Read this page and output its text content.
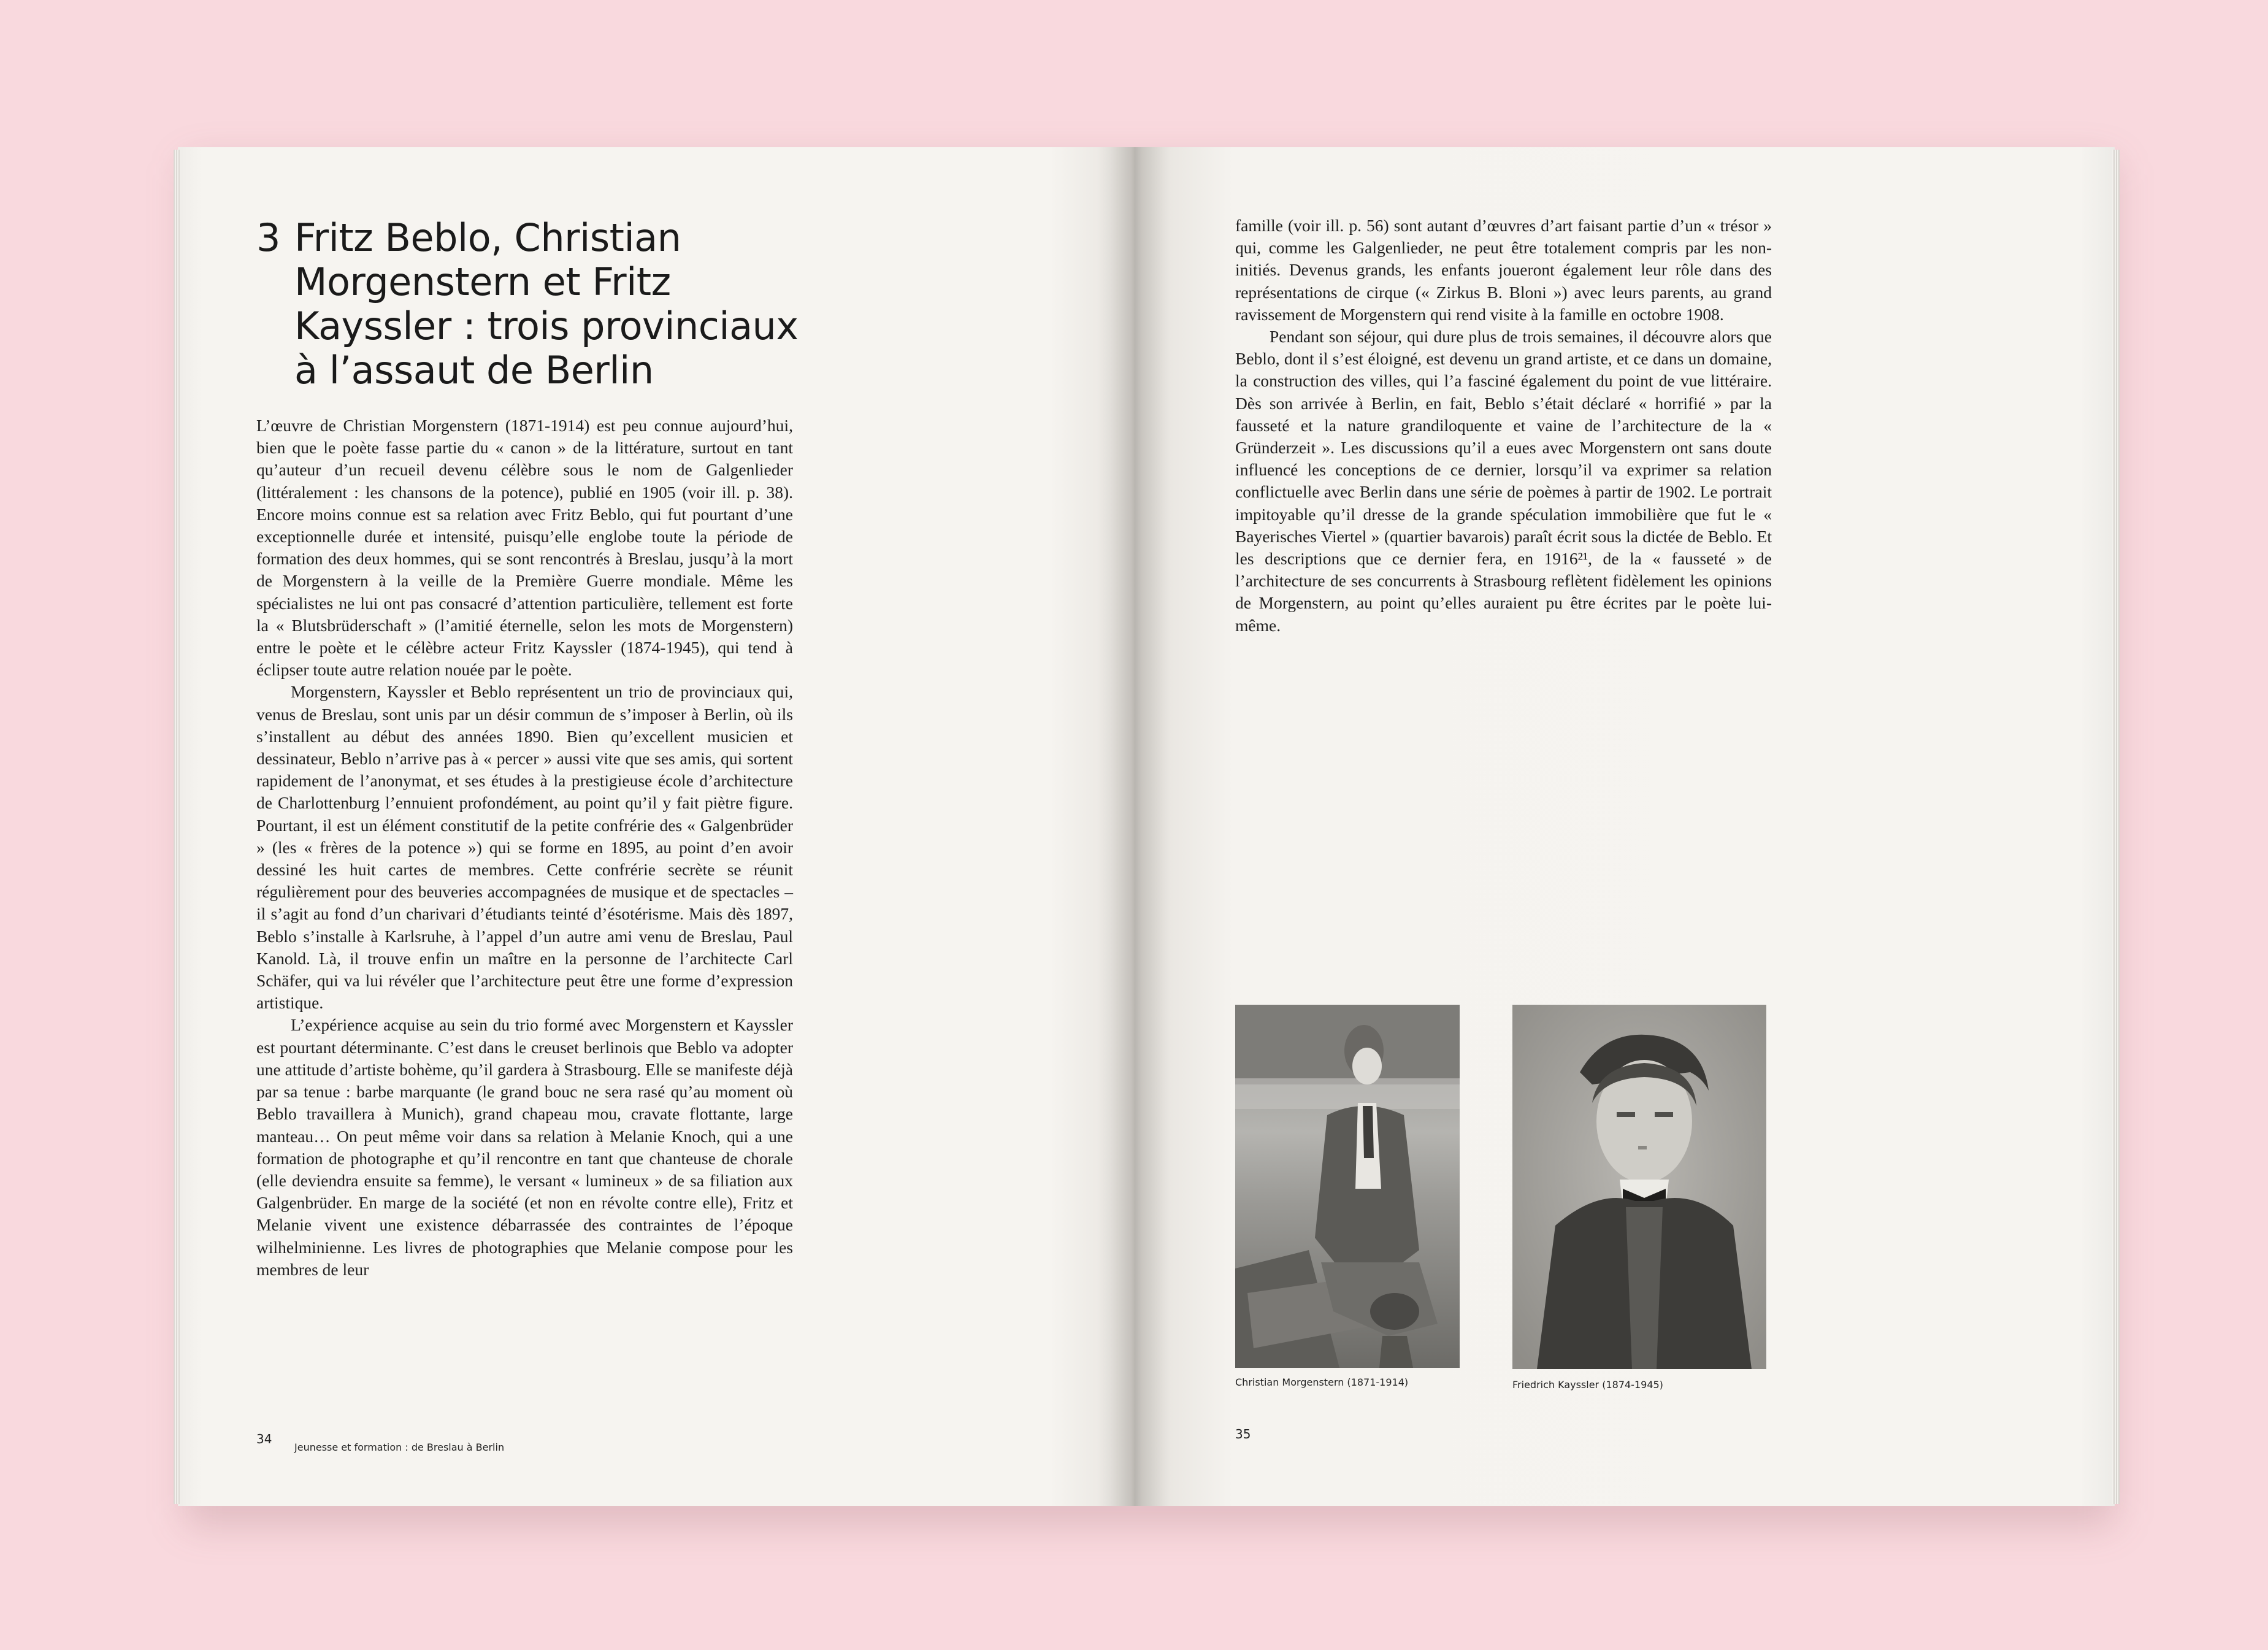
3 Fritz Beblo, Christian Morgenstern et Fritz Kayssler : trois provinciaux à l’assaut de Berlin

L’œuvre de Christian Morgenstern (1871-1914) est peu connue aujourd’hui, bien que le poète fasse partie du « canon » de la littérature, surtout en tant qu’auteur d’un recueil devenu célèbre sous le nom de Galgenlieder (littéralement : les chansons de la potence), publié en 1905 (voir ill. p. 38). Encore moins connue est sa relation avec Fritz Beblo, qui fut pourtant d’une exceptionnelle durée et intensité, puisqu’elle englobe toute la période de formation des deux hommes, qui se sont rencontrés à Breslau, jusqu’à la mort de Morgenstern à la veille de la Première Guerre mondiale. Même les spécialistes ne lui ont pas consacré d’attention particulière, tellement est forte la « Blutsbrüderschaft » (l’amitié éternelle, selon les mots de Morgenstern) entre le poète et le célèbre acteur Fritz Kayssler (1874-1945), qui tend à éclipser toute autre relation nouée par le poète.

Morgenstern, Kayssler et Beblo représentent un trio de provinciaux qui, venus de Breslau, sont unis par un désir commun de s’imposer à Berlin, où ils s’installent au début des années 1890. Bien qu’excellent musicien et dessinateur, Beblo n’arrive pas à « percer » aussi vite que ses amis, qui sortent rapidement de l’anonymat, et ses études à la prestigieuse école d’architecture de Charlottenburg l’ennuient profondément, au point qu’il y fait piètre figure. Pourtant, il est un élément constitutif de la petite confrérie des « Galgenbrüder » (les « frères de la potence ») qui se forme en 1895, au point d’en avoir dessiné les huit cartes de membres. Cette confrérie secrète se réunit régulièrement pour des beuveries accompagnées de musique et de spectacles – il s’agit au fond d’un charivari d’étudiants teinté d’ésotérisme. Mais dès 1897, Beblo s’installe à Karlsruhe, à l’appel d’un autre ami venu de Breslau, Paul Kanold. Là, il trouve enfin un maître en la personne de l’architecte Carl Schäfer, qui va lui révéler que l’architecture peut être une forme d’expression artistique.

L’expérience acquise au sein du trio formé avec Morgenstern et Kayssler est pourtant déterminante. C’est dans le creuset berlinois que Beblo va adopter une attitude d’artiste bohème, qu’il gardera à Strasbourg. Elle se manifeste déjà par sa tenue : barbe marquante (le grand bouc ne sera rasé qu’au moment où Beblo travaillera à Munich), grand chapeau mou, cravate flottante, large manteau… On peut même voir dans sa relation à Melanie Knoch, qui a une formation de photographe et qu’il rencontre en tant que chanteuse de chorale (elle deviendra ensuite sa femme), le versant « lumineux » de sa filiation aux Galgenbrüder. En marge de la société (et non en révolte contre elle), Fritz et Melanie vivent une existence débarrassée des contraintes de l’époque wilhelminienne. Les livres de photographies que Melanie compose pour les membres de leur

34
Jeunesse et formation : de Breslau à Berlin

famille (voir ill. p. 56) sont autant d’œuvres d’art faisant partie d’un « trésor » qui, comme les Galgenlieder, ne peut être totalement compris par les non-initiés. Devenus grands, les enfants joueront également leur rôle dans des représentations de cirque (« Zirkus B. Bloni ») avec leurs parents, au grand ravissement de Morgenstern qui rend visite à la famille en octobre 1908.

Pendant son séjour, qui dure plus de trois semaines, il découvre alors que Beblo, dont il s’est éloigné, est devenu un grand artiste, et ce dans un domaine, la construction des villes, qui l’a fasciné également du point de vue littéraire. Dès son arrivée à Berlin, en fait, Beblo s’était déclaré « horrifié » par la fausseté et la nature grandiloquente et vaine de l’architecture de la « Gründerzeit ». Les discussions qu’il a eues avec Morgenstern ont sans doute influencé les conceptions de ce dernier, lorsqu’il va exprimer sa relation conflictuelle avec Berlin dans une série de poèmes à partir de 1902. Le portrait impitoyable qu’il dresse de la grande spéculation immobilière que fut le « Bayerisches Viertel » (quartier bavarois) paraît écrit sous la dictée de Beblo. Et les descriptions que ce dernier fera, en 1916²¹, de la « fausseté » de l’architecture de ses concurrents à Strasbourg reflètent fidèlement les opinions de Morgenstern, au point qu’elles auraient pu être écrites par le poète lui-même.

Christian Morgenstern (1871-1914)	Friedrich Kayssler (1874-1945)
35
